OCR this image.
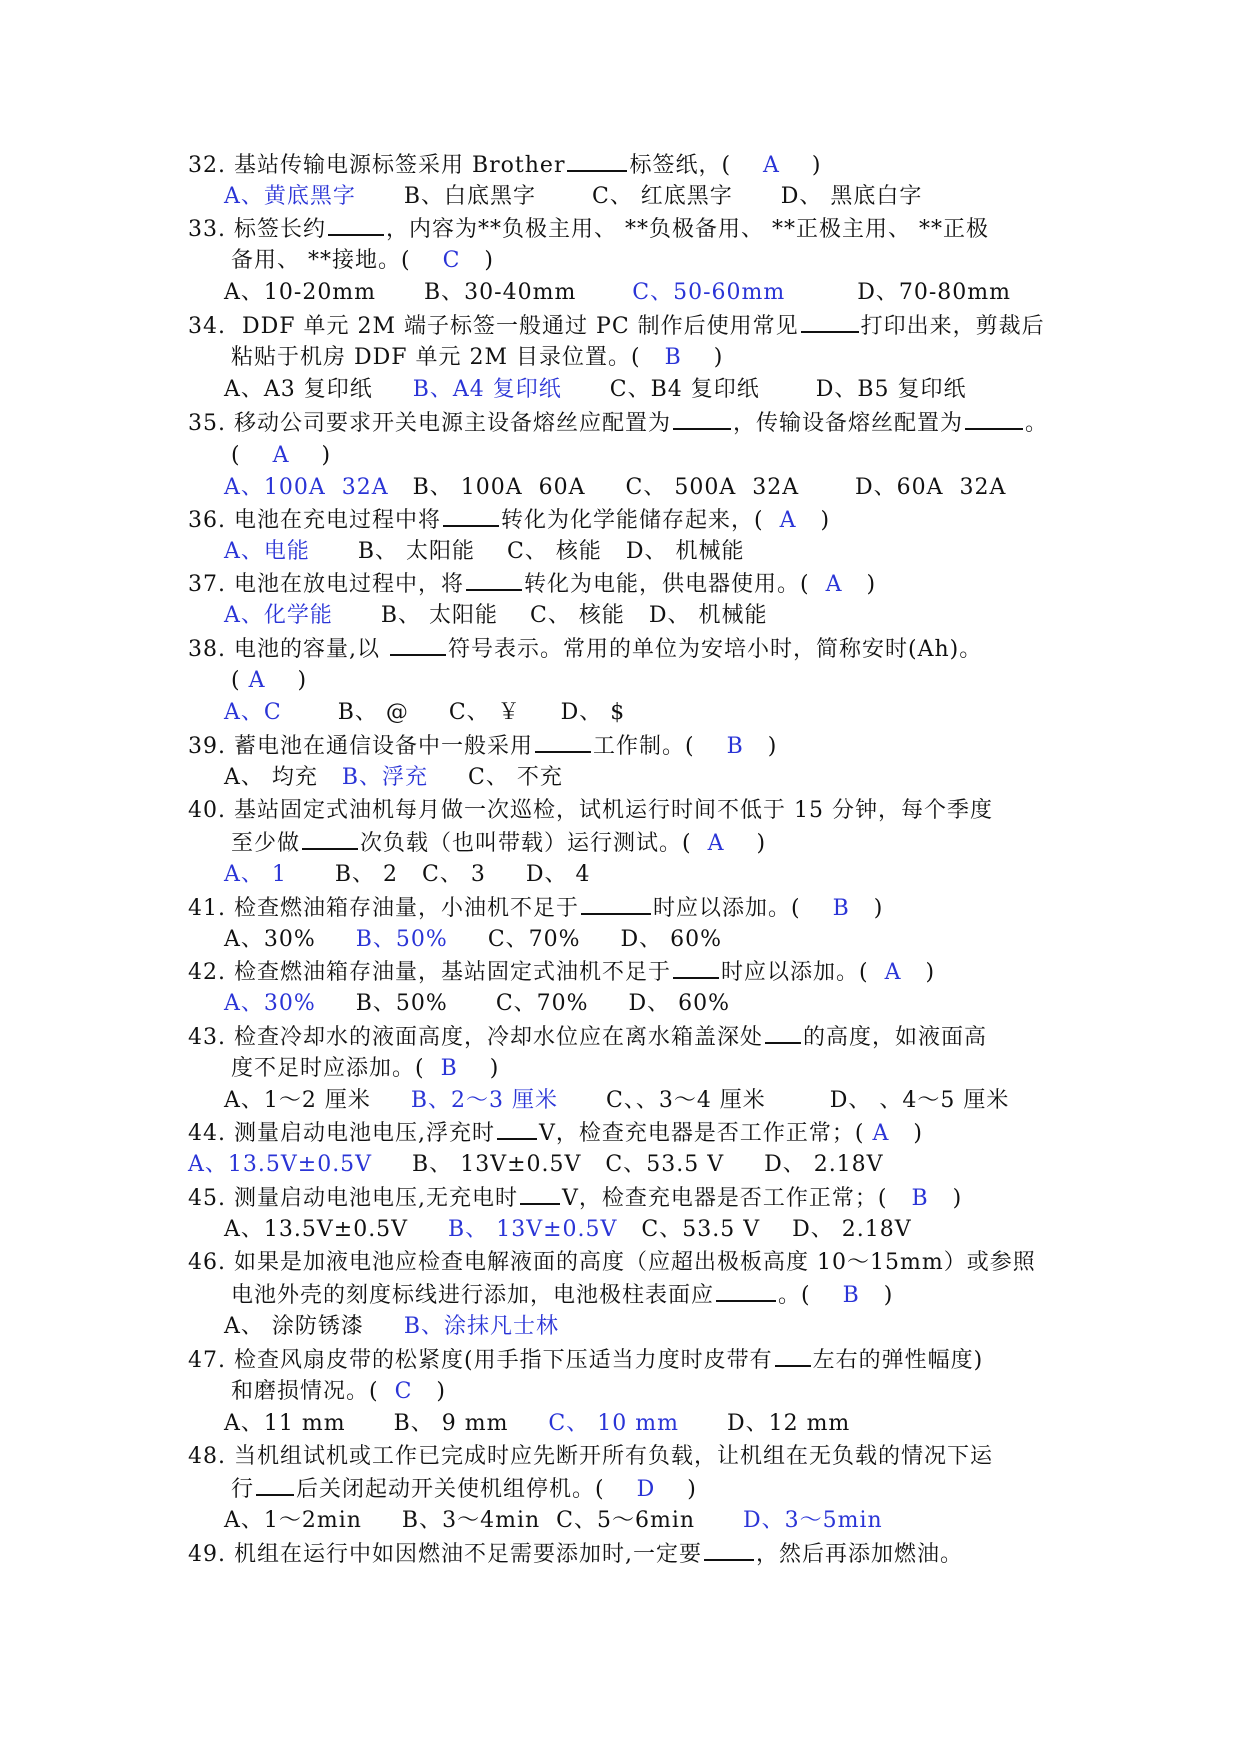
32. 基站传输电源标签采用 Brother	标签纸，( A )
A、黄底黑字 B、白底黑字	C、 红底黑字 D、 黑底白字
33. 标签长约	，内容为**负极主用、 **负极备用、 **正极主用、 **正极
备用、 **接地。( C )
A、10-20mm B、30-40mm	C、50-60mm	D、70-80mm
34. DDF 单元 2M 端子标签一般通过 PC 制作后使用常见	打印出来，剪裁后
粘贴于机房 DDF 单元 2M 目录位置。( B )
A、A3 复印纸 B、A4 复印纸 C、B4 复印纸	D、B5 复印纸
35. 移动公司要求开关电源主设备熔丝应配置为	，传输设备熔丝配置为	。
( A )
A、100A  32A B、 100A  60A C、 500A  32A	D、60A  32A
36. 电池在充电过程中将	转化为化学能储存起来，( A )
A、电能 B、 太阳能 C、 核能 D、 机械能
37. 电池在放电过程中，将	转化为电能，供电器使用。( A )
A、化学能 B、 太阳能 C、 核能 D、 机械能
38. 电池的容量,以	符号表示。常用的单位为安培小时，简称安时(Ah)。
( A )
A、C	B、 @ C、 ￥ D、 $
39. 蓄电池在通信设备中一般采用	工作制。( B )
A、 均充 B、浮充 C、 不充
40. 基站固定式油机每月做一次巡检，试机运行时间不低于 15 分钟，每个季度
至少做	次负载（也叫带载）运行测试。( A )
A、 1 B、 2 C、 3 D、 4
41. 检查燃油箱存油量，小油机不足于	时应以添加。( B )
A、30% B、50% C、70% D、 60%
42. 检查燃油箱存油量，基站固定式油机不足于 时应以添加。( A )
A、30% B、50% C、70% D、 60%
43. 检查冷却水的液面高度，冷却水位应在离水箱盖深处 的高度，如液面高
度不足时应添加。( B )
A、1～2 厘米 B、2～3 厘米 C、、3～4 厘米	D、 、4～5 厘米
44. 测量启动电池电压,浮充时 V，检查充电器是否工作正常；( A )
A、13.5V±0.5V B、 13V±0.5V C、53.5 V D、 2.18V
45. 测量启动电池电压,无充电时 V，检查充电器是否工作正常；( B )
A、13.5V±0.5V B、 13V±0.5V C、53.5 V D、 2.18V
46. 如果是加液电池应检查电解液面的高度（应超出极板高度 10～15mm）或参照
电池外壳的刻度标线进行添加，电池极柱表面应	。( B )
A、 涂防锈漆 B、涂抹凡士林
47. 检查风扇皮带的松紧度(用手指下压适当力度时皮带有 左右的弹性幅度)
和磨损情况。( C )
A、11 mm B、 9 mm C、 10 mm D、12 mm
48. 当机组试机或工作已完成时应先断开所有负载，让机组在无负载的情况下运
行 后关闭起动开关使机组停机。( D )
A、1～2min B、3～4min C、5～6min D、3～5min
49. 机组在运行中如因燃油不足需要添加时,一定要 ，然后再添加燃油。
